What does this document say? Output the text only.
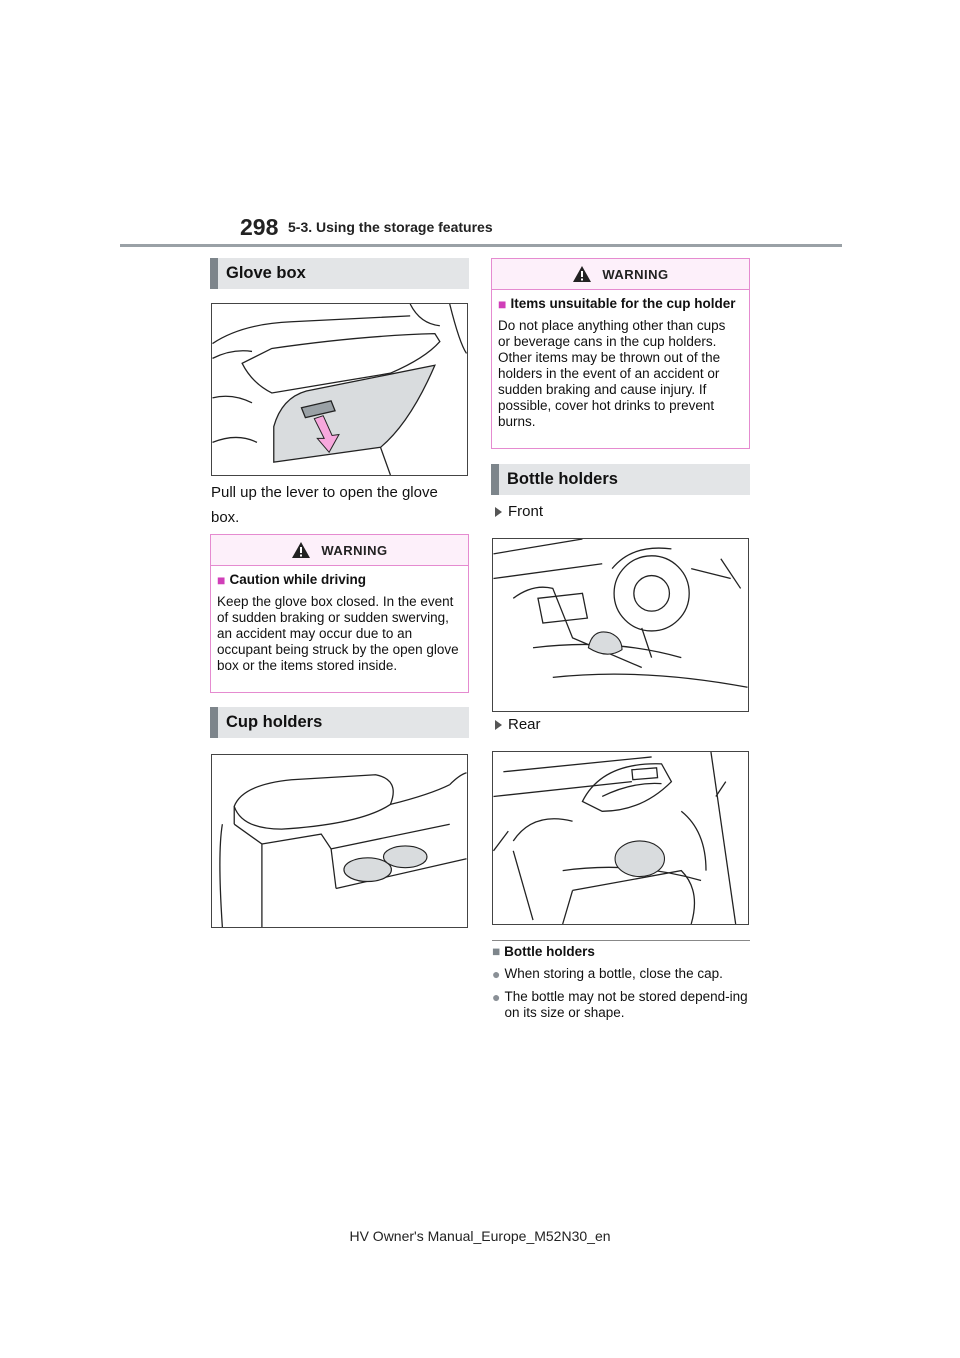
298 5-3. Using the storage features
Glove box
Pull up the lever to open the glove box.
WARNING
■ Caution while driving
Keep the glove box closed. In the event of sudden braking or sudden swerving, an accident may occur due to an occupant being struck by the open glove box or the items stored inside.
Cup holders
WARNING
■ Items unsuitable for the cup holder
Do not place anything other than cups or beverage cans in the cup holders. Other items may be thrown out of the holders in the event of an accident or sudden braking and cause injury. If possible, cover hot drinks to prevent burns.
Bottle holders
Front
Rear
■ Bottle holders
● When storing a bottle, close the cap.
● The bottle may not be stored depend-ing on its size or shape.
HV Owner's Manual_Europe_M52N30_en
